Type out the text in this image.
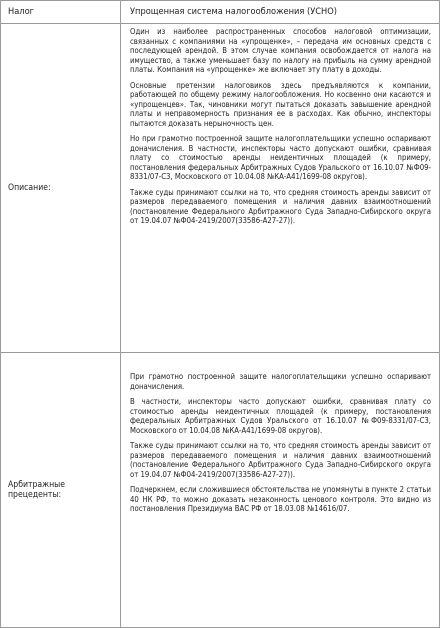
Налог	Упрощенная система налогообложения (УСНО)
Описание:	Один из наиболее распространенных способов налоговой оптимизации, связанных с компаниями на «упрощенке», – передача им основных средств с последующей арендой. В этом случае компания освобождается от налога на имущество, а также уменьшает базу по налогу на прибыль на сумму арендной платы. Компания на «упрощенке» же включает эту плату в доходы.

Основные претензии налоговиков здесь предъявляются к компании, работающей по общему режиму налогообложения. Но косвенно они касаются и «упрощенцев». Так, чиновники могут пытаться доказать завышение арендной платы и неправомерность признания ее в расходах. Как обычно, инспекторы пытаются доказать нерыночность цен.

Но при грамотно построенной защите налогоплательщики успешно оспаривают доначисления. В частности, инспекторы часто допускают ошибки, сравнивая плату со стоимостью аренды неидентичных площадей (к примеру, постановления федеральных Арбитражных Судов Уральского от 16.10.07 №Ф09-8331/07-С3, Московского от 10.04.08 №КА-А41/1699-08 округов).

Также суды принимают ссылки на то, что средняя стоимость аренды зависит от размеров передаваемого помещения и наличия давних взаимоотношений (постановление Федерального Арбитражного Суда Западно-Сибирского округа от 19.04.07 №Ф04-2419/2007(33586-А27-27)).

Арбитражные прецеденты:	При грамотно построенной защите налогоплательщики успешно оспаривают доначисления.

В частности, инспекторы часто допускают ошибки, сравнивая плату со стоимостью аренды неидентичных площадей (к примеру, постановления федеральных Арбитражных Судов Уральского от 16.10.07 №Ф09-8331/07-С3, Московского от 10.04.08 №КА-А41/1699-08 округов).

Также суды принимают ссылки на то, что средняя стоимость аренды зависит от размеров передаваемого помещения и наличия давних взаимоотношений (постановление Федерального Арбитражного Суда Западно-Сибирского округа от 19.04.07 №Ф04-2419/2007(33586-А27-27)).

Подчеркнем, если сложившиеся обстоятельства не упомянуты в пункте 2 статьи 40 НК РФ, то можно доказать незаконность ценового контроля. Это видно из постановления Президиума ВАС РФ от 18.03.08 №14616/07.
